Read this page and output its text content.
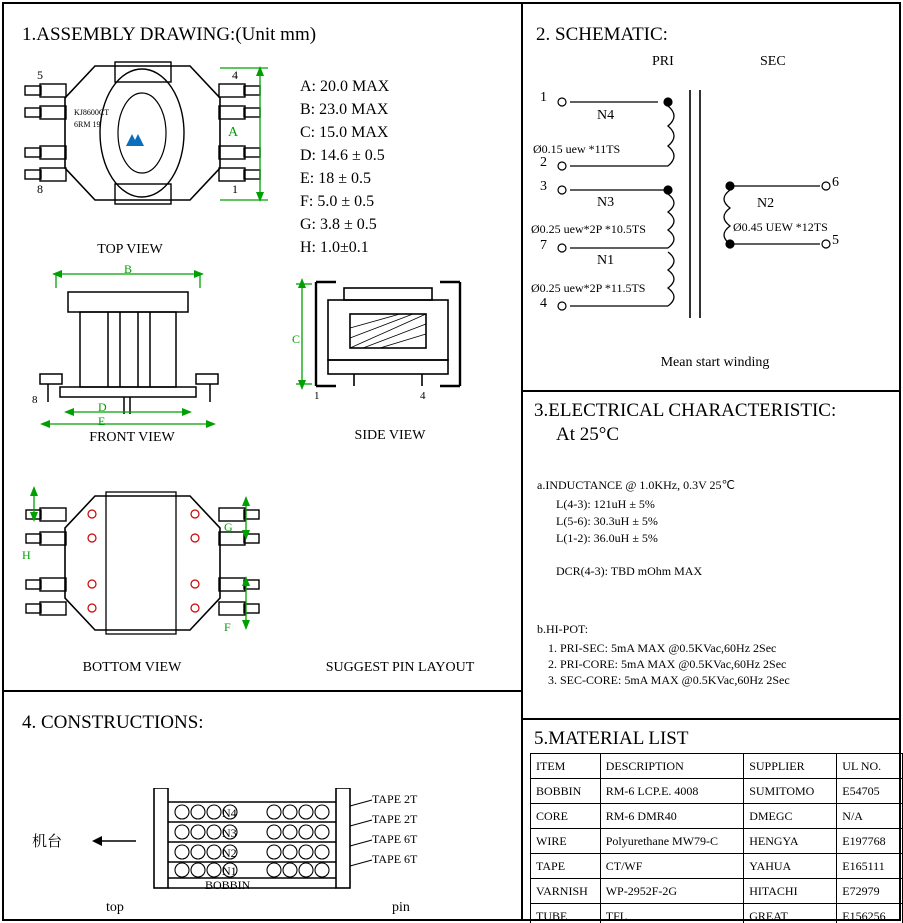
1.ASSEMBLY DRAWING:(Unit mm)
A
5	4
8	1
KJ8600CT
6RM 19
TOP VIEW
A: 20.0 MAX
B: 23.0 MAX
C: 15.0 MAX
D: 14.6 ± 0.5
E: 18 ± 0.5
F: 5.0 ± 0.5
G: 3.8 ± 0.5
H: 1.0±0.1
B
D
E
8
FRONT VIEW
C
1	4
SIDE VIEW
H
G
F
BOTTOM VIEW	SUGGEST PIN LAYOUT
2. SCHEMATIC:
PRI	SEC
1
2
3
7
4
6
5
N4
Ø0.15 uew *11TS
N3
Ø0.25 uew*2P *10.5TS
N1
Ø0.25 uew*2P *11.5TS
N2
Ø0.45 UEW *12TS
Mean start winding
3.ELECTRICAL CHARACTERISTIC:
At 25°C
a.INDUCTANCE @ 1.0KHz, 0.3V 25℃
L(4-3): 121uH ± 5%
L(5-6): 30.3uH ± 5%
L(1-2): 36.0uH ± 5%
DCR(4-3): TBD mOhm MAX
b.HI-POT:
1. PRI-SEC: 5mA MAX @0.5KVac,60Hz 2Sec
2. PRI-CORE: 5mA MAX @0.5KVac,60Hz 2Sec
3. SEC-CORE: 5mA MAX @0.5KVac,60Hz 2Sec
4. CONSTRUCTIONS:
N4
N3
N2
N1
TAPE 2T
TAPE 2T
TAPE 6T
TAPE 6T
BOBBIN
top	pin
机台
5.MATERIAL LIST
ITEM	DESCRIPTION	SUPPLIER	UL NO.
BOBBIN	RM-6 LCP.E. 4008	SUMITOMO	E54705
CORE	RM-6 DMR40	DMEGC	N/A
WIRE	Polyurethane MW79-C	HENGYA	E197768
TAPE	CT/WF	YAHUA	E165111
VARNISH	WP-2952F-2G	HITACHI	E72979
TUBE	TFL	GREAT	E156256
